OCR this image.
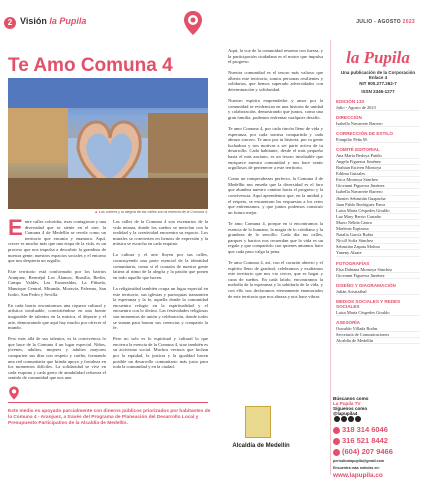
2 Visión la Pupila	JULIO - AGOSTO 2023
Te Amo Comuna 4
▲ Los colores y la alegría de las calles son la esencia de la Comuna 4.

Entre calles coloridas, risas contagiosas y una diversidad que se siente en el aire, la Comuna 4 de Medellín se revela como un territorio que encanta y enamora. Aquí, crecer es mucho más que una etapa de la vida, es un proceso que nos impulsa a descubrir la grandeza de nuestra gente, nuestros espacios sociales y el entorno que nos despierta un orgullo.

Este territorio está conformado por los barrios Aranjuez, Berméjal Los Álamos, Brasilia, Berlín, Campo Valdés, Las Esmeraldas, La Piñuela, Manrique Central, Miranda, Moravia, Palermo, San Isidro, San Pedro y Sevilla.

En cada barrio encontramos una riqueza cultural y artística invaluable, convirtiéndose en una fuente inagotable de talentos en la música, el deporte y el arte, demostrando que aquí hay mucho por ofrecer al mundo.

Pero más allá de sus talentos, es la convivencia lo que hace de la Comuna 4 un lugar especial. Niños, jóvenes, adultos, mujeres y adultos mayores comparten sus días con respeto y cariño, formando una red comunitaria que brinda apoyo y fortaleza en los momentos difíciles. La solidaridad se vive en cada esquina y cada gesto de amabilidad refuerza el sentido de comunidad que nos une.

Las calles de la Comuna 4 son escenarios de la vida misma, donde los sueños se mezclan con la realidad y la creatividad encuentra su espacio. Los murales se convierten en lienzos de expresión y la música se escucha en cada esquina.

La cultura y el arte fluyen por sus calles, construyendo una parte esencial de la identidad comunitaria, como si el corazón de nuestra gente latiera al ritmo de la alegría y la pasión que ponen en todo aquello que hacen.

La religiosidad también ocupa un lugar especial en este territorio, sus iglesias y parroquias transmiten la esperanza y la fe, aquella donde la comunidad encuentra refugio en la espiritualidad y el encuentro con lo divino. Las festividades religiosas son momentos de unión y celebración, donde todos se suman para honrar sus creencias y compartir la fe.

Pero no solo es lo espiritual y cultural lo que encierra la esencia de la Comuna 4, sino también es su activismo social. Muchos vecinos que luchan por la equidad, la justicia y la igualdad hacen posible un desarrollo comunitario más justo para toda la comunidad y en la ciudad.

Aquí, la voz de la comunidad resuena con fuerza, y la participación ciudadana es el motor que impulsa el progreso.

Nuestra comunidad es el tesoro más valioso que alberta este territorio, somos personas resilientes y solidarias, que hemos superado adversidades con determinación y solidaridad.

Nuestro espíritu emprendedor y amor por la comunidad se evidencian en una historia de unidad y colaboración, demostrando que juntos, como una gran familia, podemos enfrentar cualquier desafío.

Te amo Comuna 4, por cada rincón lleno de vida y esperanza, por cada sonrisa compartida y cada abrazo sincero. Te amo por tu historia, por tu gente luchadora y nos motivas a ser parte activa de tu desarrollo. Cada habitante, desde el más pequeño hasta el más anciano, es un tesoro invaluable que enriquece nuestra comunidad y nos hace sentir orgullosos de pertenecer a este territorio.

Como un rompecabezas perfecto, la Comuna 4 de Medellín nos enseña que la diversidad es el faro que alumbra nuestro camino hacia el progreso y la convivencia. Aquí aprendemos que, en la unidad y el respeto, se encuentran las respuestas a los retos que enfrentamos, y que juntos podemos construir un futuro mejor.

Te amo Comuna 4, porque en ti encontramos la esencia de lo humano, la magia de lo cotidiano y la grandeza de lo sencillo. Cada día tus calles, parques y barrios nos recuerdan que la vida es un regalo y que compartirlo con quienes amamos hace que cada paso valga la pena.

Te amo Comuna 4, así, con el corazón abierto y el espíritu lleno de gratitud, celebramos y exaltamos este territorio que nos vio crecer, que es hogar y cuna de sueños. En cada latido, encontramos la melodía de la esperanza y la sabiduría de la vida, y con ello nos declaramos eternamente enamorados de este territorio que nos abraza y nos hace vibrar.

la Pupila
Una publicación de la Corporación Enlace 4
NIT 900.277.262-7
ISSN 2346-1277
EDICIÓN 133
Julio - Agosto de 2023
DIRECCIÓN
Isabella Navarrete Barrero
CORRECCIÓN DE ESTILO
Pompilio Peña M.
COMITÉ EDITORIAL
Ana María Bedoya Patiño
Angela Figueroa Jiménez
Brahian Estiven Montoya
Edilma Guizales
Erica Montoya Sánchez
Giovanni Figueroa Jiménez
Isabella Navarrete Barrero
Jhonier Sebastián Guapacha
Juan Pablo Rodríguez Parra
Luisa María Céspedes Giraldo
Luz Mary Berrio Castaño
Mario Nélida Castro
Marlenis Espinosa
Natalia García Rubia
Nicoll Sofía Sánchez
Sebastián Zapata Molina
Yaneny Alzate
FOTOGRAFÍAS
Elsa Dahiana Montoya Sánchez
Giovanni Figueroa Jiménez
DISEÑO Y DIAGRAMACIÓN
Julián Aristizábal
MEDIOS SOCIALES Y REDES SOCIALES
Luisa María Céspedes Giraldo
ASESORÍA
Oswaldo Villada Rodas
Secretaría de Comunicaciones
Alcaldía de Medellín
Búscanos como
La Pupila TV
Síguenos como
@lapupila4
318 314 6046
316 521 8442
(604) 207 9466
periodicolapupila@gmail.com
Encuentra más noticias en:
www.lapupila.co
Este medio es apoyado parcialmente con dineros públicos priorizados por habitantes de la Comuna 4 - Aranjuez, a través del Programa de Planeación del Desarrollo Local y Presupuesto Participativo de la Alcaldía de Medellín.
Alcaldía de Medellín
